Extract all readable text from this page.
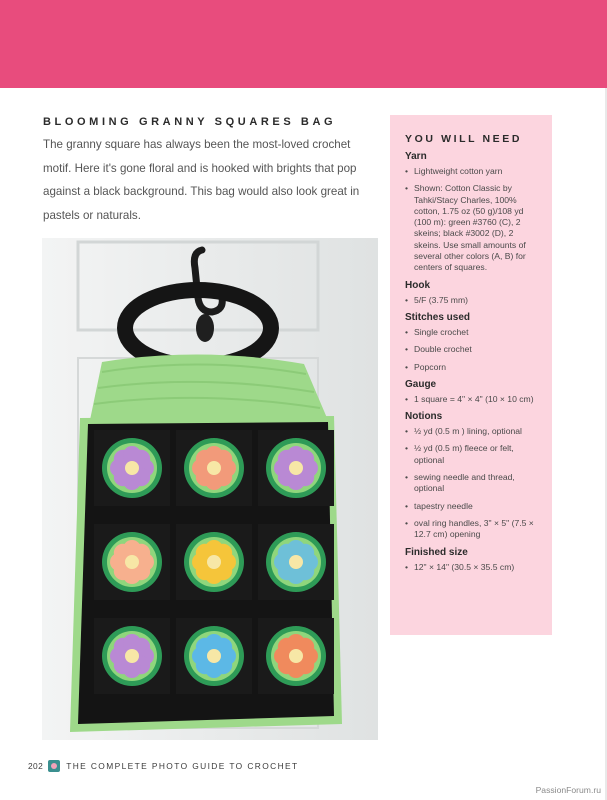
BLOOMING GRANNY SQUARES BAG
The granny square has always been the most-loved crochet motif. Here it's gone floral and is hooked with brights that pop against a black background. This bag would also look great in pastels or naturals.
YOU WILL NEED
Yarn
• Lightweight cotton yarn
• Shown: Cotton Classic by Tahki/Stacy Charles, 100% cotton, 1.75 oz (50 g)/108 yd (100 m): green #3760 (C), 2 skeins; black #3002 (D), 2 skeins. Use small amounts of several other colors (A, B) for centers of squares.
Hook
• 5/F (3.75 mm)
Stitches used
• Single crochet
• Double crochet
• Popcorn
Gauge
• 1 square = 4" × 4" (10 × 10 cm)
Notions
• ½ yd (0.5 m ) lining, optional
• ½ yd (0.5 m) fleece or felt, optional
• sewing needle and thread, optional
• tapestry needle
• oval ring handles, 3" × 5" (7.5 × 12.7 cm) opening
Finished size
• 12" × 14" (30.5 × 35.5 cm)
202	THE COMPLETE PHOTO GUIDE TO CROCHET
PassionForum.ru
